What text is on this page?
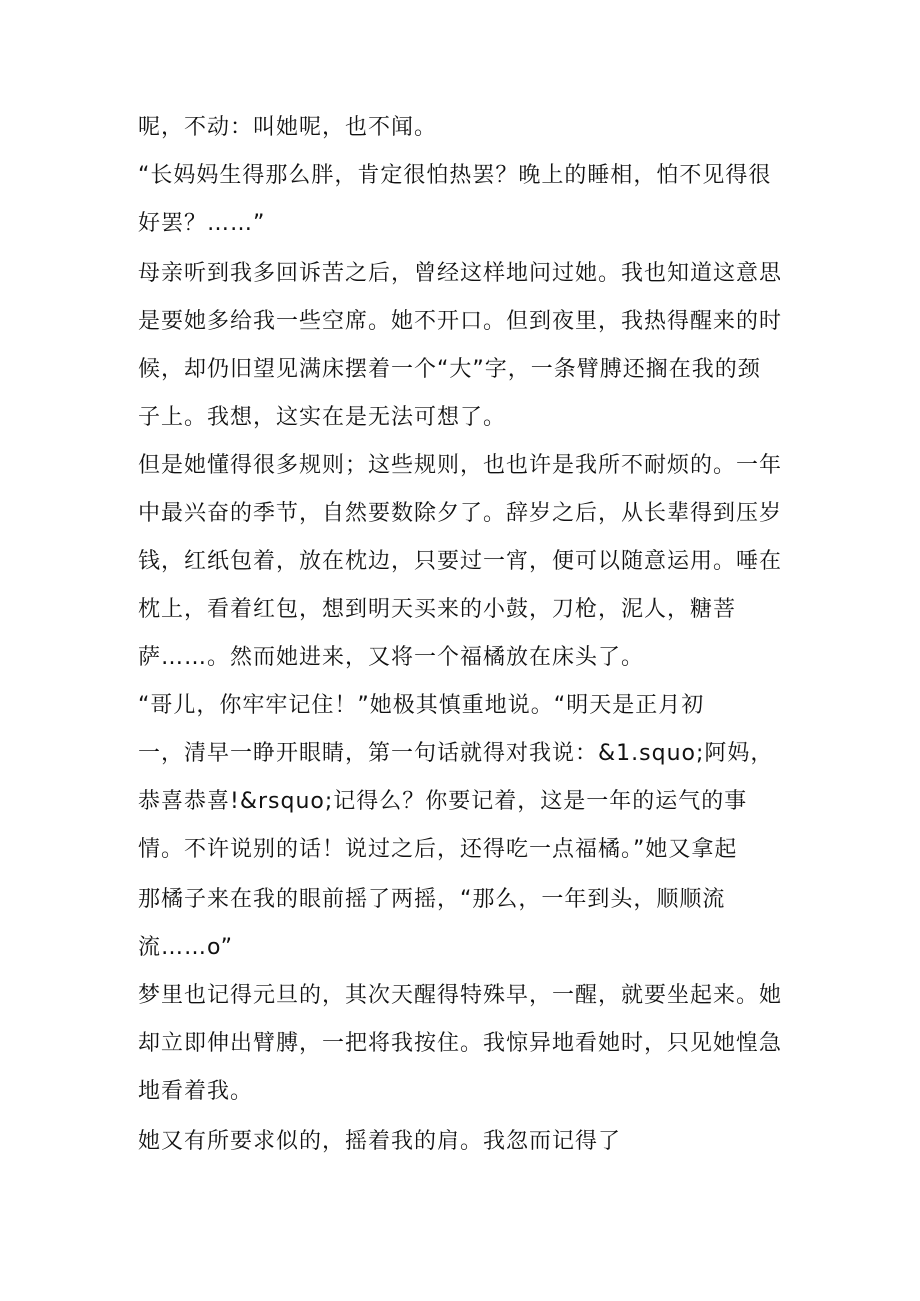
呢，不动：叫她呢，也不闻。
“长妈妈生得那么胖，肯定很怕热罢？晚上的睡相，怕不见得很
好罢？……”
母亲听到我多回诉苦之后，曾经这样地问过她。我也知道这意思
是要她多给我一些空席。她不开口。但到夜里，我热得醒来的时
候，却仍旧望见满床摆着一个“大”字，一条臂膊还搁在我的颈
子上。我想，这实在是无法可想了。
但是她懂得很多规则；这些规则，也也许是我所不耐烦的。一年
中最兴奋的季节，自然要数除夕了。辞岁之后，从长辈得到压岁
钱，红纸包着，放在枕边，只要过一宵，便可以随意运用。唾在
枕上，看着红包，想到明天买来的小鼓，刀枪，泥人，糖菩
萨……。然而她进来，又将一个福橘放在床头了。
“哥儿，你牢牢记住！”她极其慎重地说。“明天是正月初
一，清早一睁开眼睛，第一句话就得对我说：&1.squo;阿妈，
恭喜恭喜!&rsquo;记得么？你要记着，这是一年的运气的事
情。不许说别的话！说过之后，还得吃一点福橘。”她又拿起
那橘子来在我的眼前摇了两摇，“那么，一年到头，顺顺流
流……o”
梦里也记得元旦的，其次天醒得特殊早，一醒，就要坐起来。她
却立即伸出臂膊，一把将我按住。我惊异地看她时，只见她惶急
地看着我。
她又有所要求似的，摇着我的肩。我忽而记得了
